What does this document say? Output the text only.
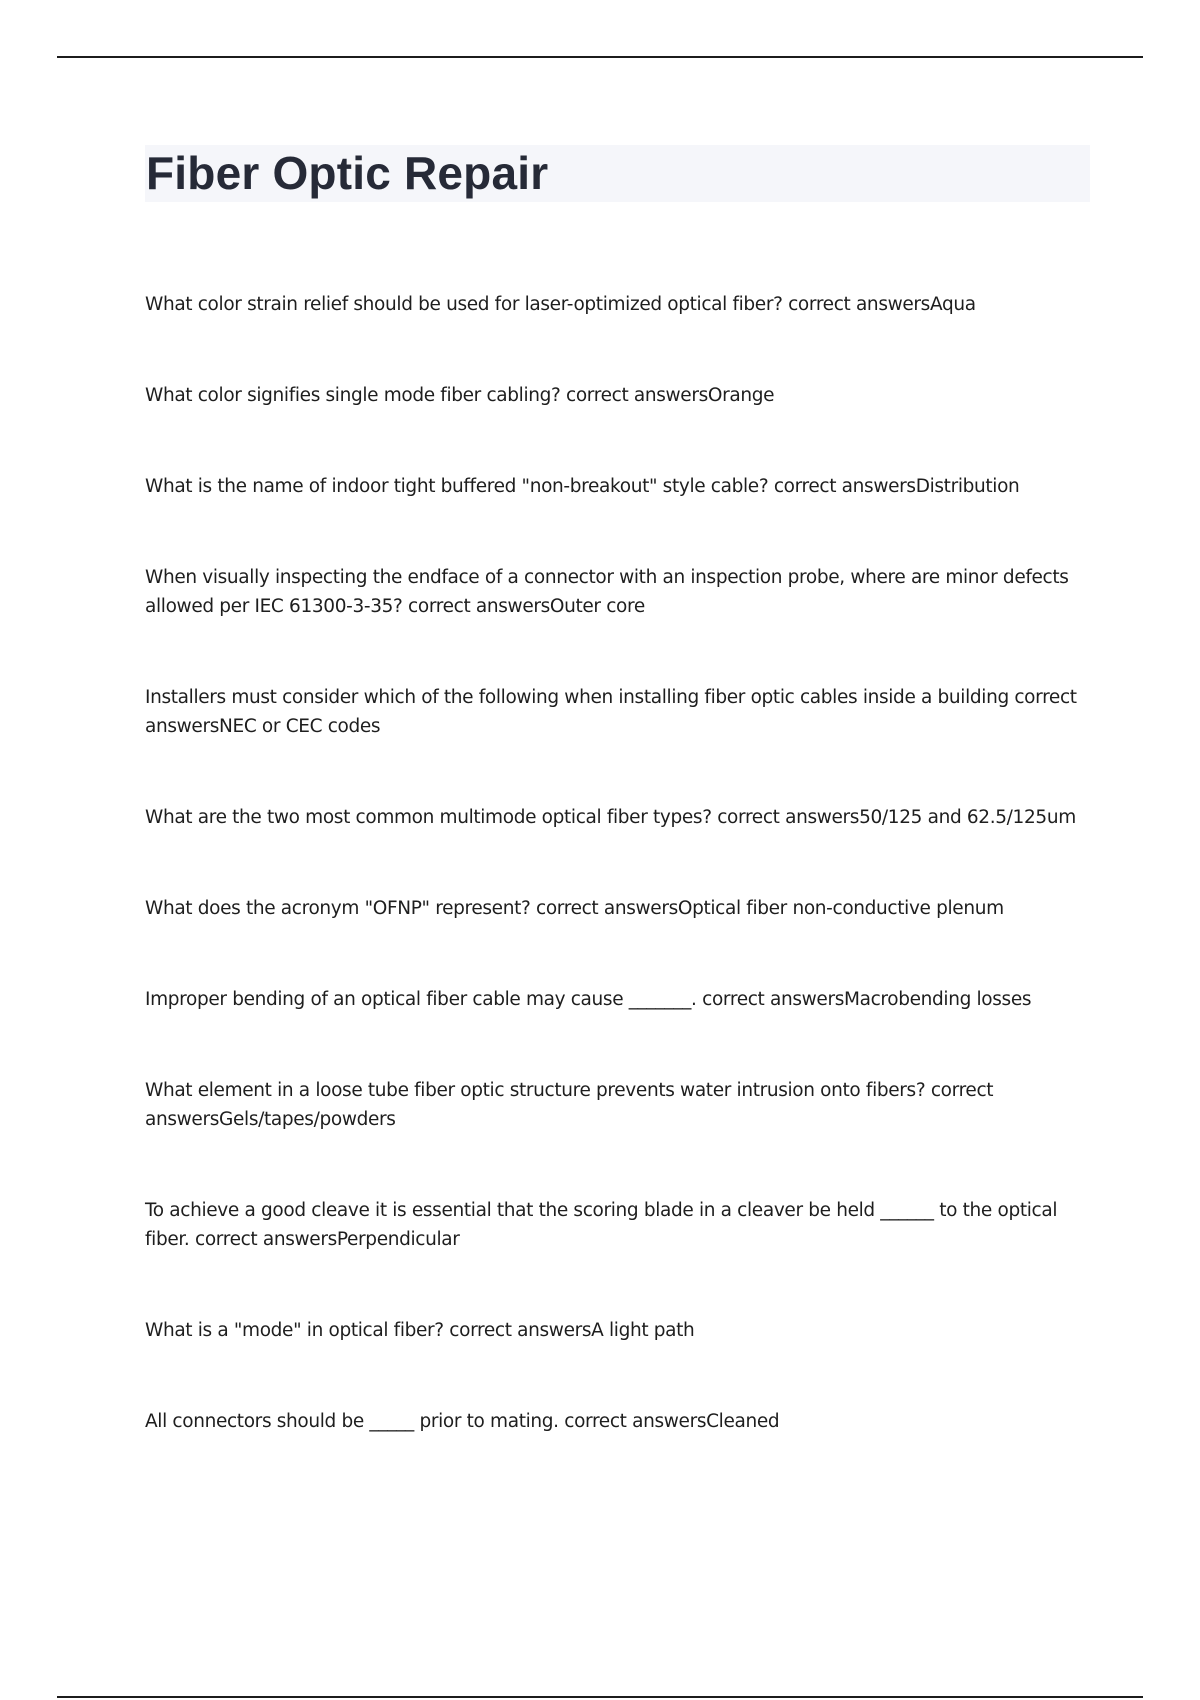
Fiber Optic Repair

What color strain relief should be used for laser-optimized optical fiber? correct answersAqua

What color signifies single mode fiber cabling? correct answersOrange

What is the name of indoor tight buffered "non-breakout" style cable? correct answersDistribution

When visually inspecting the endface of a connector with an inspection probe, where are minor defects allowed per IEC 61300-3-35? correct answersOuter core

Installers must consider which of the following when installing fiber optic cables inside a building correct answersNEC or CEC codes

What are the two most common multimode optical fiber types? correct answers50/125 and 62.5/125um

What does the acronym "OFNP" represent? correct answersOptical fiber non-conductive plenum

Improper bending of an optical fiber cable may cause _______. correct answersMacrobending losses

What element in a loose tube fiber optic structure prevents water intrusion onto fibers? correct answersGels/tapes/powders

To achieve a good cleave it is essential that the scoring blade in a cleaver be held ______ to the optical fiber. correct answersPerpendicular

What is a "mode" in optical fiber? correct answersA light path

All connectors should be _____ prior to mating. correct answersCleaned
